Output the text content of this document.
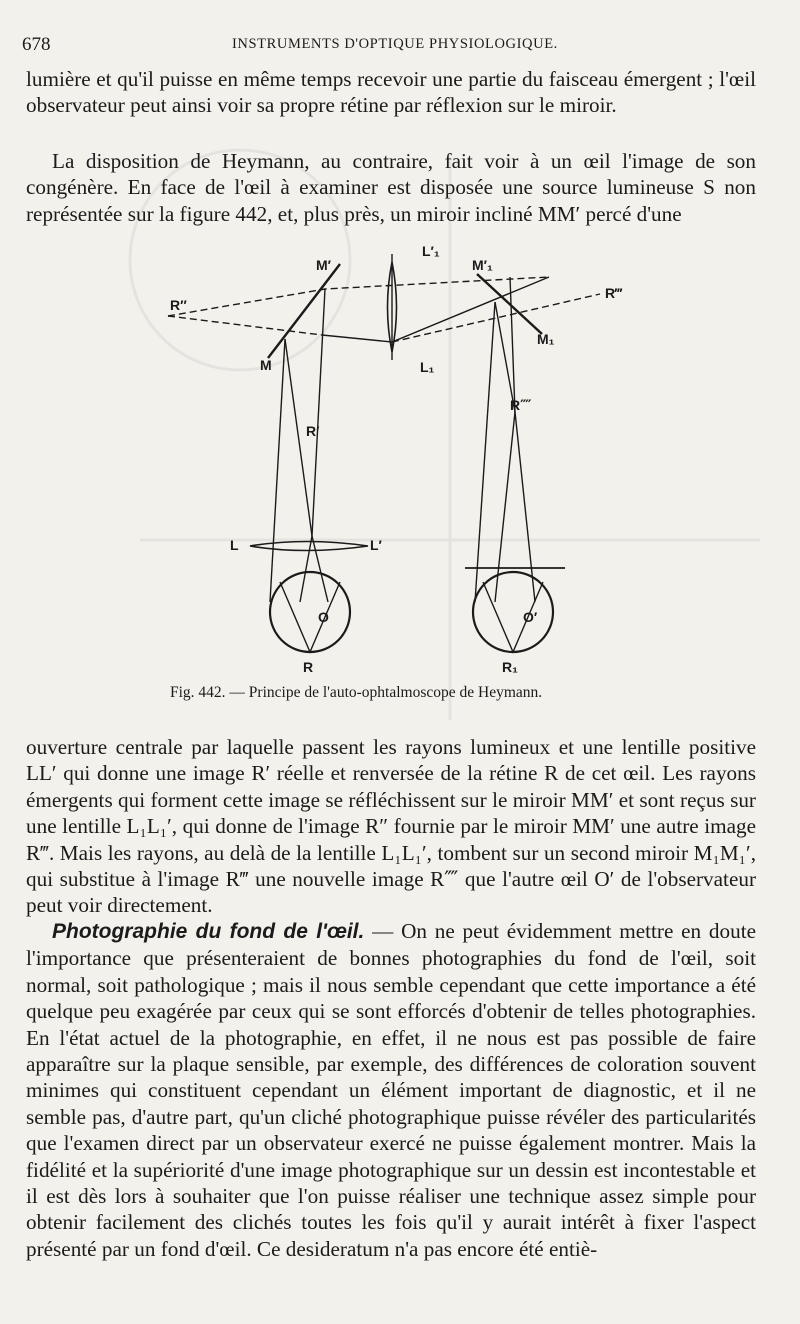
678	INSTRUMENTS D'OPTIQUE PHYSIOLOGIQUE.

lumière et qu'il puisse en même temps recevoir une partie du faisceau émergent ; l'œil observateur peut ainsi voir sa propre rétine par réflexion sur le miroir.

La disposition de Heymann, au contraire, fait voir à un œil l'image de son congénère. En face de l'œil à examiner est disposée une source lumineuse S non représentée sur la figure 442, et, plus près, un miroir incliné MM′ percé d'une

R″
M′
L′₁
M′₁
R‴
M₁
M	L₁
R⁗
R′
L	L′
O	O′
R	R₁
Fig. 442. — Principe de l'auto-ophtalmoscope de Heymann.

ouverture centrale par laquelle passent les rayons lumineux et une lentille positive LL′ qui donne une image R′ réelle et renversée de la rétine R de cet œil. Les rayons émergents qui forment cette image se réfléchissent sur le miroir MM′ et sont reçus sur une lentille L₁L₁′, qui donne de l'image R″ fournie par le miroir MM′ une autre image R‴. Mais les rayons, au delà de la lentille L₁L₁′, tombent sur un second miroir M₁M₁′, qui substitue à l'image R‴ une nouvelle image R⁗ que l'autre œil O′ de l'observateur peut voir directement.

Photographie du fond de l'œil. — On ne peut évidemment mettre en doute l'importance que présenteraient de bonnes photographies du fond de l'œil, soit normal, soit pathologique ; mais il nous semble cependant que cette importance a été quelque peu exagérée par ceux qui se sont efforcés d'obtenir de telles photographies. En l'état actuel de la photographie, en effet, il ne nous est pas possible de faire apparaître sur la plaque sensible, par exemple, des différences de coloration souvent minimes qui constituent cependant un élément important de diagnostic, et il ne semble pas, d'autre part, qu'un cliché photographique puisse révéler des particularités que l'examen direct par un observateur exercé ne puisse également montrer. Mais la fidélité et la supériorité d'une image photographique sur un dessin est incontestable et il est dès lors à souhaiter que l'on puisse réaliser une technique assez simple pour obtenir facilement des clichés toutes les fois qu'il y aurait intérêt à fixer l'aspect présenté par un fond d'œil. Ce desideratum n'a pas encore été entiè-
